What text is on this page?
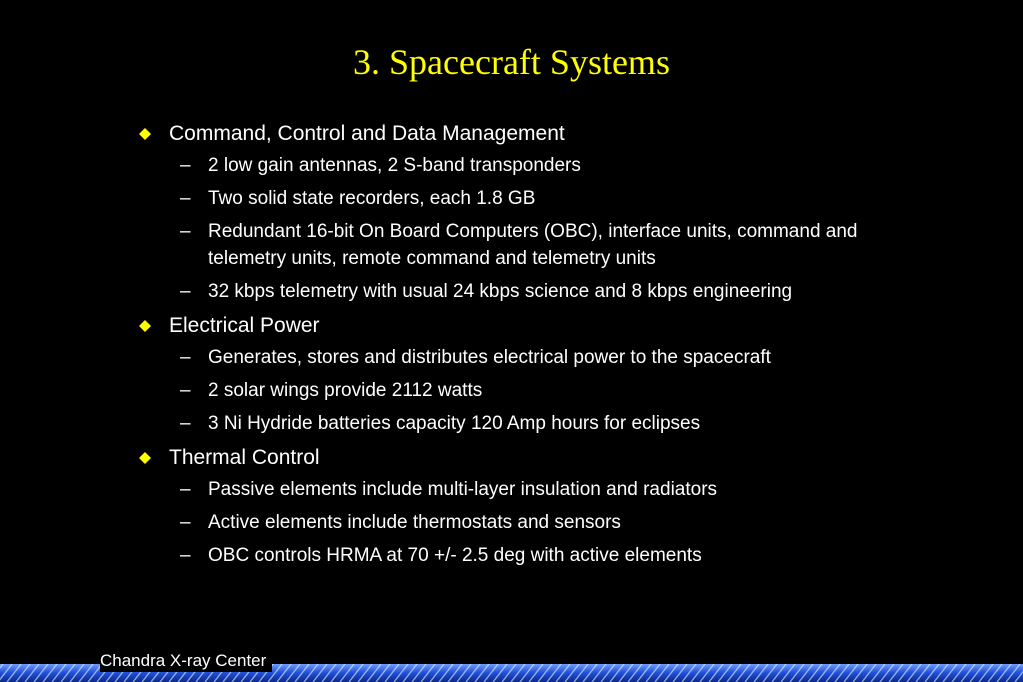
3. Spacecraft Systems
Command, Control and Data Management
– 2 low gain antennas, 2 S-band transponders
– Two solid state recorders, each 1.8 GB
– Redundant 16-bit On Board Computers (OBC), interface units, command and telemetry units, remote command and telemetry units
– 32 kbps telemetry with usual 24 kbps science and 8 kbps engineering
Electrical Power
– Generates, stores and distributes electrical power to the spacecraft
– 2 solar wings provide 2112 watts
– 3 Ni Hydride batteries capacity 120 Amp hours for eclipses
Thermal Control
– Passive elements include multi-layer insulation and radiators
– Active elements include thermostats and sensors
– OBC controls HRMA at 70 +/- 2.5 deg with active elements
Chandra X-ray Center
